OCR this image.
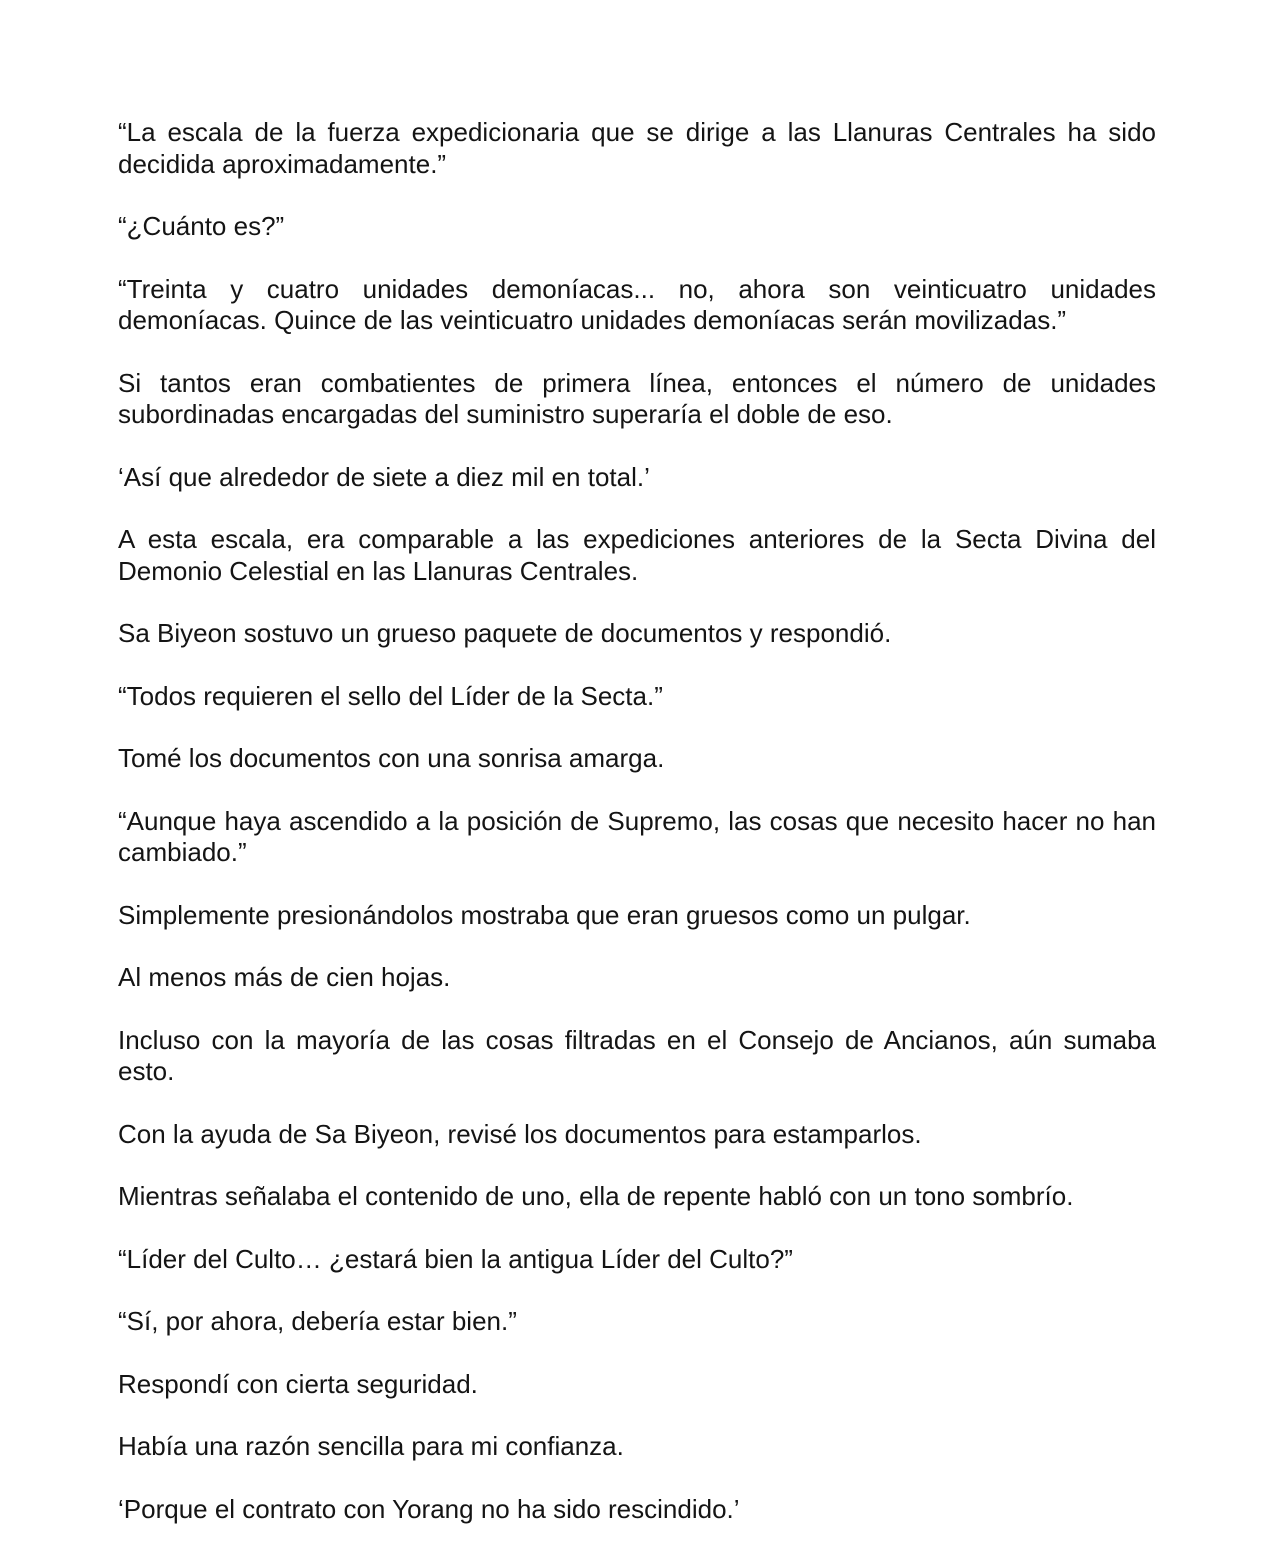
“La escala de la fuerza expedicionaria que se dirige a las Llanuras Centrales ha sido decidida aproximadamente.”

“¿Cuánto es?”

“Treinta y cuatro unidades demoníacas... no, ahora son veinticuatro unidades demoníacas. Quince de las veinticuatro unidades demoníacas serán movilizadas.”

Si tantos eran combatientes de primera línea, entonces el número de unidades subordinadas encargadas del suministro superaría el doble de eso.

‘Así que alrededor de siete a diez mil en total.’

A esta escala, era comparable a las expediciones anteriores de la Secta Divina del Demonio Celestial en las Llanuras Centrales.

Sa Biyeon sostuvo un grueso paquete de documentos y respondió.

“Todos requieren el sello del Líder de la Secta.”

Tomé los documentos con una sonrisa amarga.

“Aunque haya ascendido a la posición de Supremo, las cosas que necesito hacer no han cambiado.”

Simplemente presionándolos mostraba que eran gruesos como un pulgar.

Al menos más de cien hojas.

Incluso con la mayoría de las cosas filtradas en el Consejo de Ancianos, aún sumaba esto.

Con la ayuda de Sa Biyeon, revisé los documentos para estamparlos.

Mientras señalaba el contenido de uno, ella de repente habló con un tono sombrío.

“Líder del Culto… ¿estará bien la antigua Líder del Culto?”

“Sí, por ahora, debería estar bien.”

Respondí con cierta seguridad.

Había una razón sencilla para mi confianza.

‘Porque el contrato con Yorang no ha sido rescindido.’
